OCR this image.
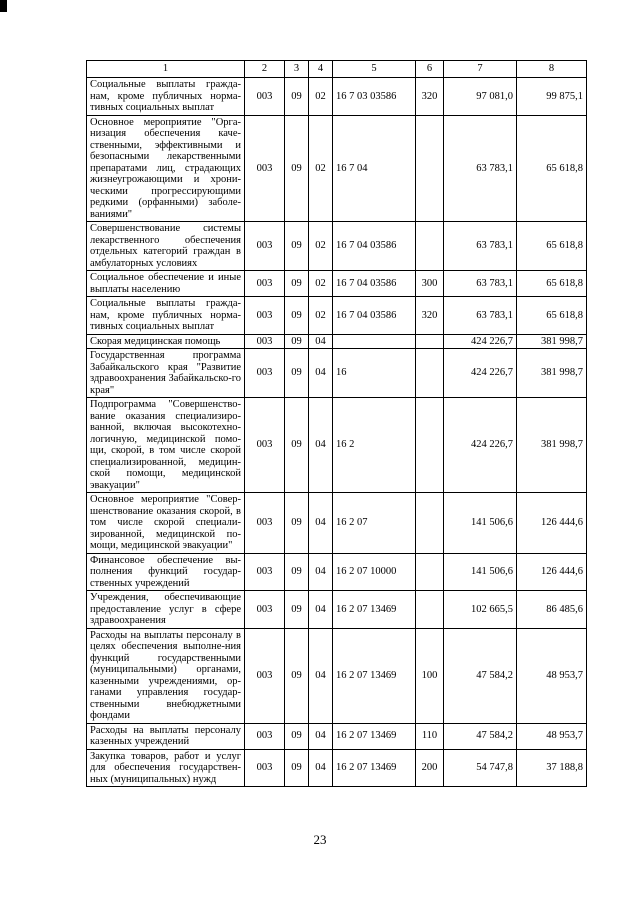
1	2	3	4	5	6	7	8
Социальные выплаты граждa-нам, кроме публичных норма-тивных социальных выплат	003	09	02	16 7 03 03586	320	97 081,0	99 875,1
Основное мероприятие "Орга-низация обеспечения каче-ственными, эффективными и безопасными лекарственными препаратами лиц, страдающих жизнеугрожающими и хрони-ческими прогрессирующими редкими (орфанными) заболе-ваниями"	003	09	02	16 7 04		63 783,1	65 618,8
Совершенствование системы лекарственного обеспечения отдельных категорий граждан в амбулаторных условиях	003	09	02	16 7 04 03586		63 783,1	65 618,8
Социальное обеспечение и иные выплаты населению	003	09	02	16 7 04 03586	300	63 783,1	65 618,8
Социальные выплаты гражда-нам, кроме публичных норма-тивных социальных выплат	003	09	02	16 7 04 03586	320	63 783,1	65 618,8
Скорая медицинская помощь	003	09	04			424 226,7	381 998,7
Государственная программа Забайкальского края "Развитие здравоохранения Забайкальско-го края"	003	09	04	16		424 226,7	381 998,7
Подпрограмма "Совершенство-вание оказания специализиро-ванной, включая высокотехно-логичную, медицинской помо-щи, скорой, в том числе скорой специализированной, медицин-ской помощи, медицинской эвакуации"	003	09	04	16 2		424 226,7	381 998,7
Основное мероприятие "Совер-шенствование оказания скорой, в том числе скорой специали-зированной, медицинской по-мощи, медицинской эвакуации"	003	09	04	16 2 07		141 506,6	126 444,6
Финансовое обеспечение вы-полнения функций государ-ственных учреждений	003	09	04	16 2 07 10000		141 506,6	126 444,6
Учреждения, обеспечивающие предоставление услуг в сфере здравоохранения	003	09	04	16 2 07 13469		102 665,5	86 485,6
Расходы на выплаты персоналу в целях обеспечения выполне-ния функций государственными (муниципальными) органами, казенными учреждениями, ор-ганами управления государ-ственными внебюджетными фондами	003	09	04	16 2 07 13469	100	47 584,2	48 953,7
Расходы на выплаты персоналу казенных учреждений	003	09	04	16 2 07 13469	110	47 584,2	48 953,7
Закупка товаров, работ и услуг для обеспечения государствен-ных (муниципальных) нужд	003	09	04	16 2 07 13469	200	54 747,8	37 188,8
23
